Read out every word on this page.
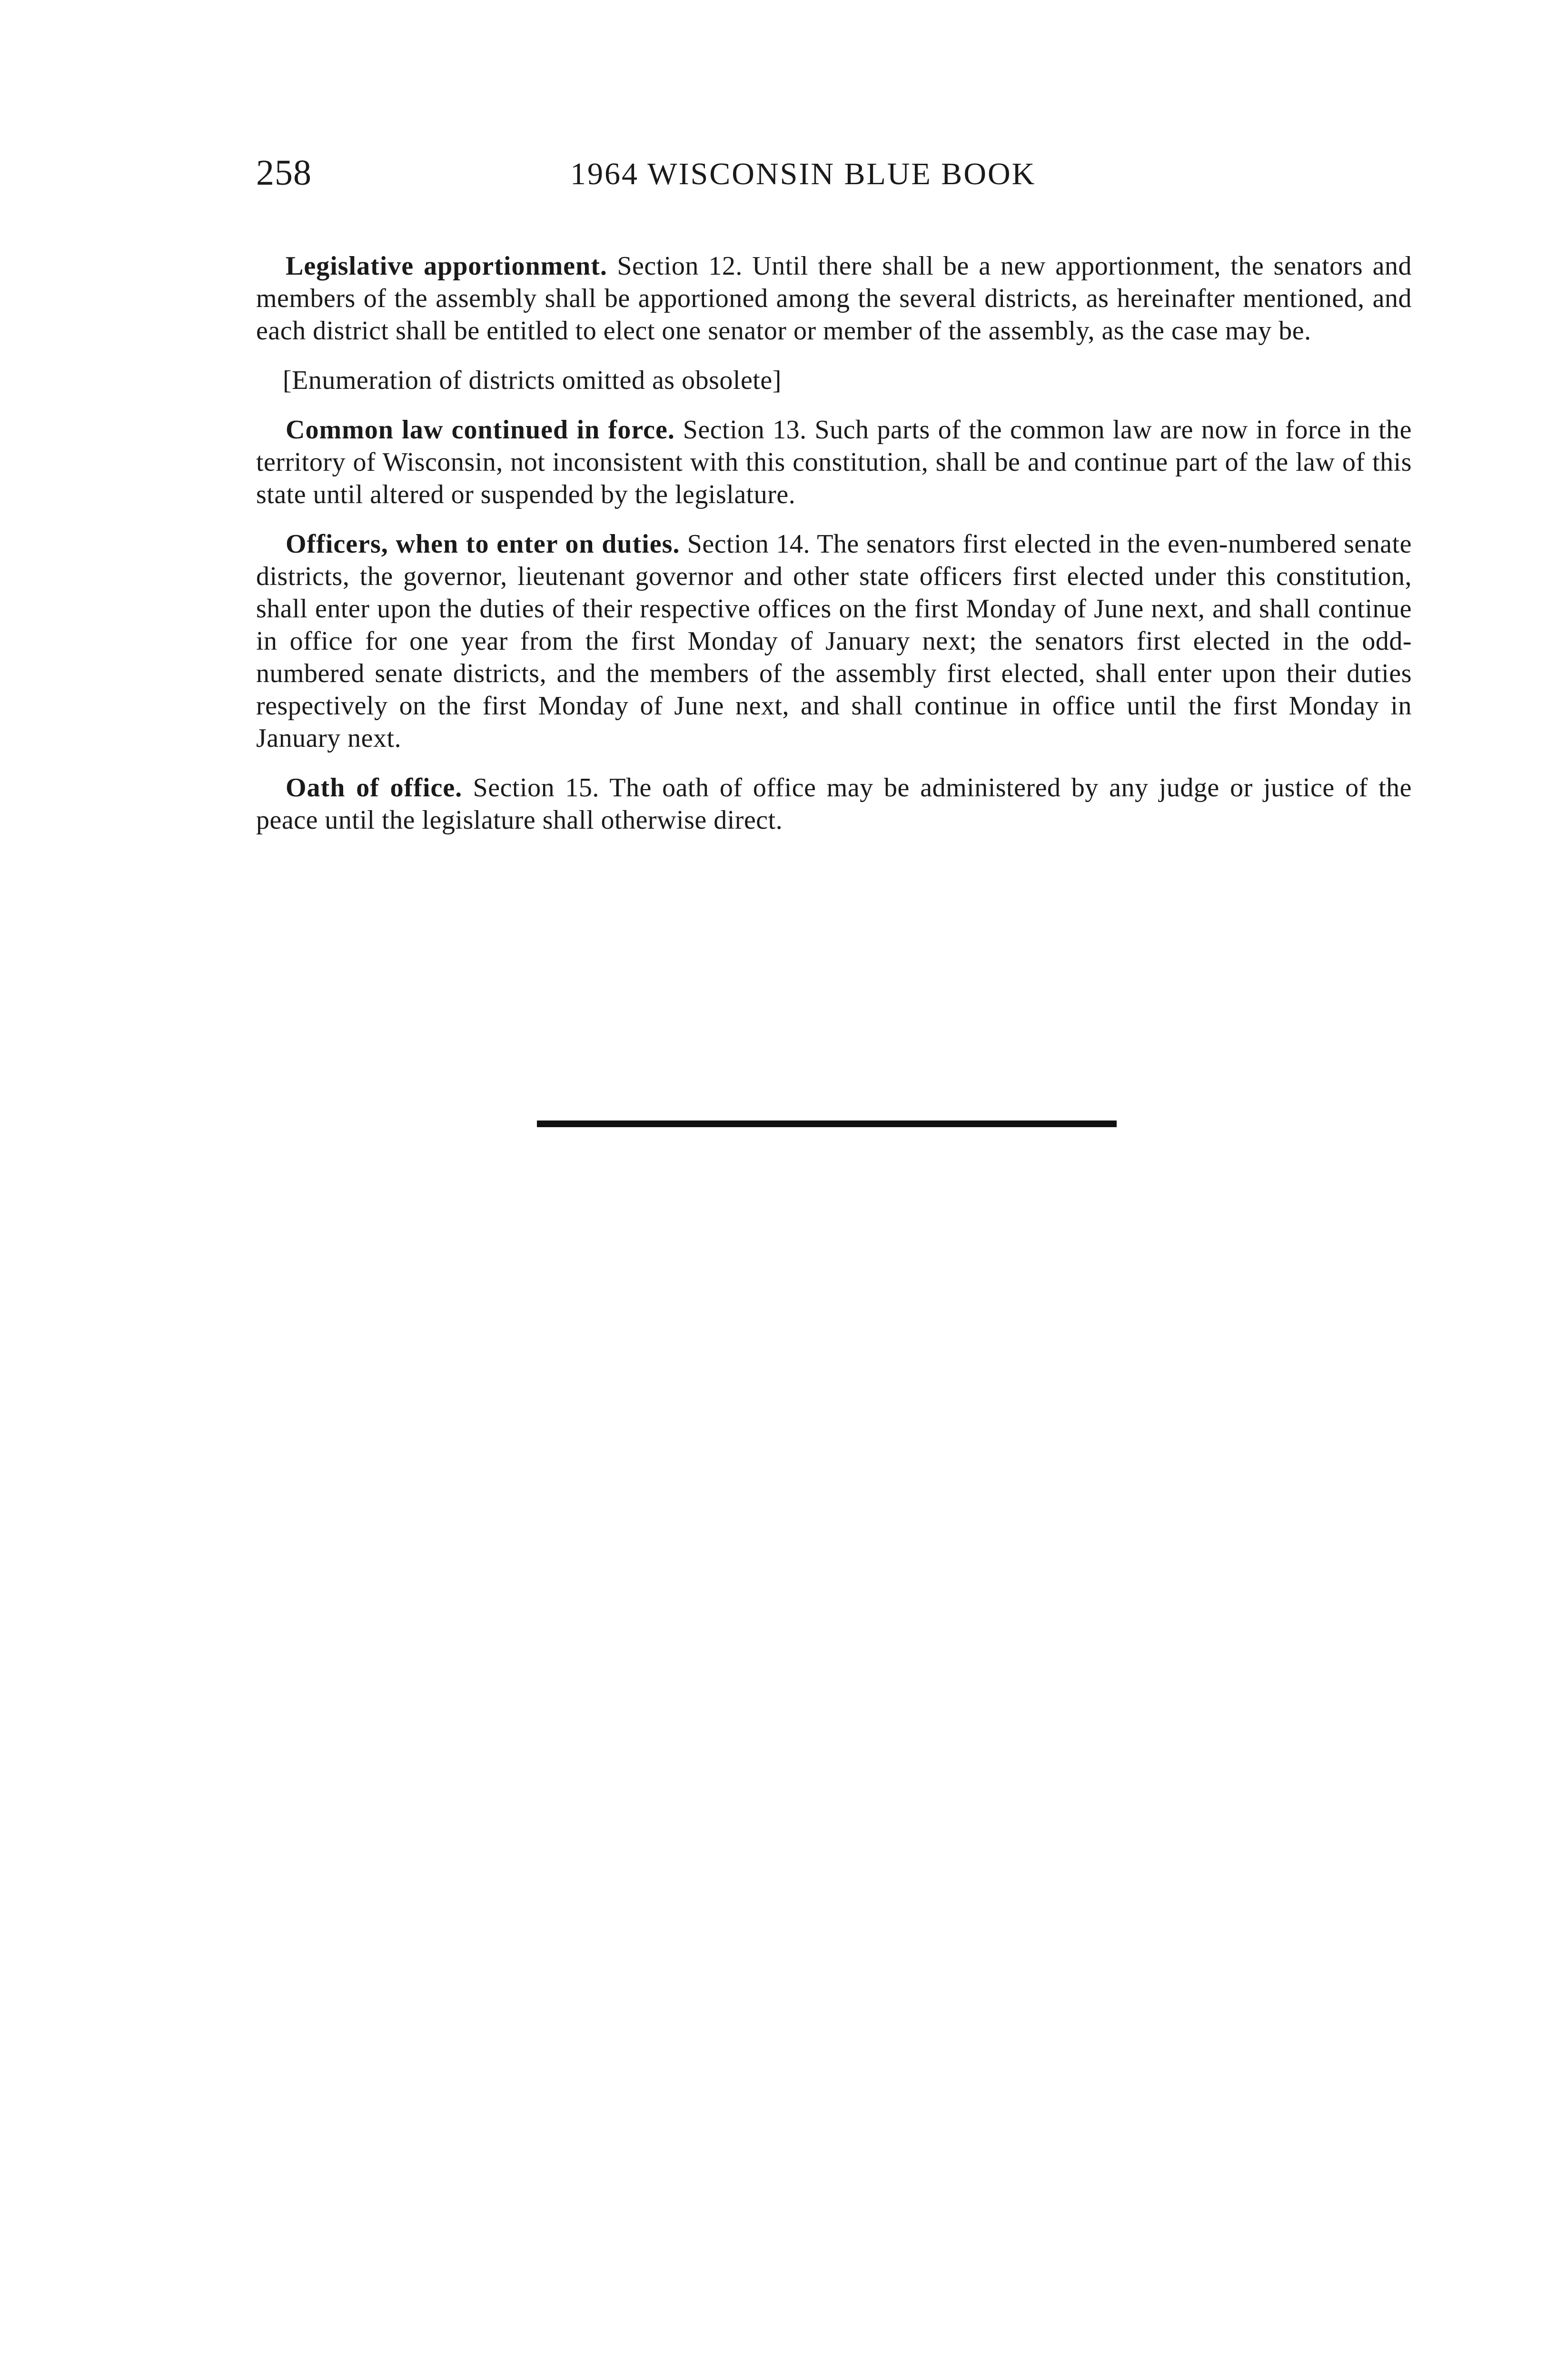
258	1964 WISCONSIN BLUE BOOK

Legislative apportionment. Section 12. Until there shall be a new apportionment, the senators and members of the assembly shall be apportioned among the several districts, as hereinafter mentioned, and each district shall be entitled to elect one senator or member of the assembly, as the case may be.

[Enumeration of districts omitted as obsolete]

Common law continued in force. Section 13. Such parts of the common law are now in force in the territory of Wisconsin, not inconsistent with this constitution, shall be and continue part of the law of this state until altered or suspended by the legislature.

Officers, when to enter on duties. Section 14. The senators first elected in the even-numbered senate districts, the governor, lieutenant governor and other state officers first elected under this constitution, shall enter upon the duties of their respective offices on the first Monday of June next, and shall continue in office for one year from the first Monday of January next; the senators first elected in the odd-numbered senate districts, and the members of the assembly first elected, shall enter upon their duties respectively on the first Monday of June next, and shall continue in office until the first Monday in January next.

Oath of office. Section 15. The oath of office may be administered by any judge or justice of the peace until the legislature shall otherwise direct.
